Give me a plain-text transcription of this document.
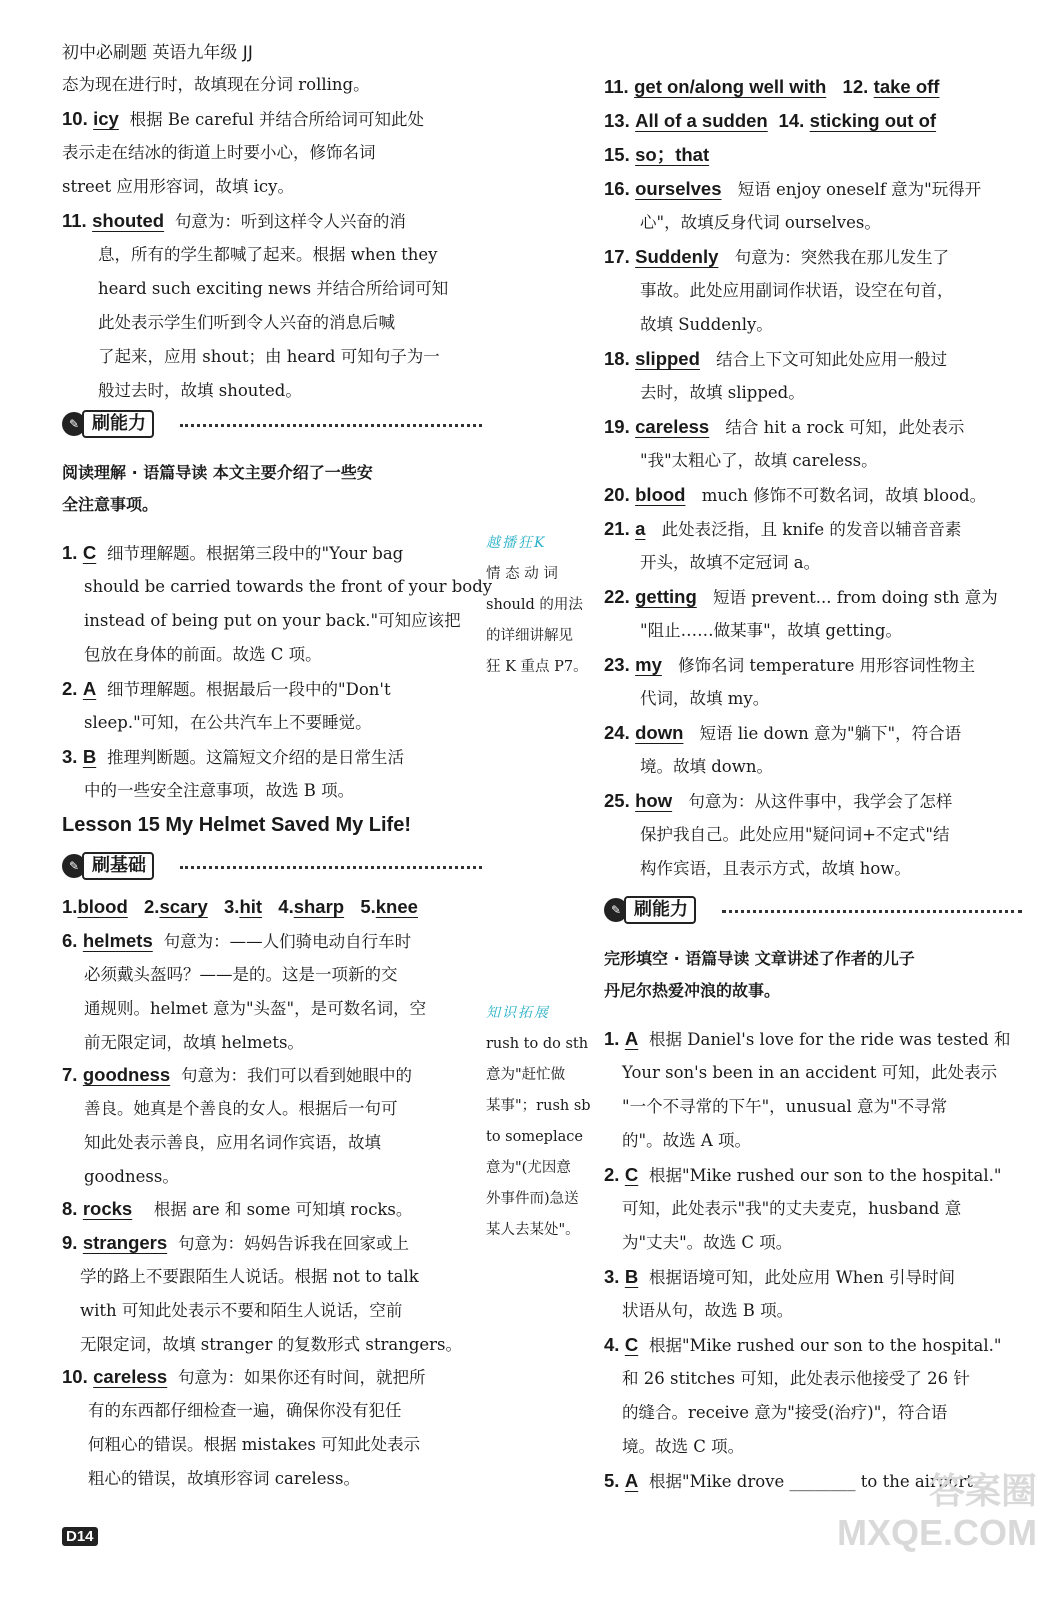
初中必刷题 英语九年级 JJ
态为现在进行时，故填现在分词 rolling。
10. icy 根据 Be careful 并结合所给词可知此处
表示走在结冰的街道上时要小心，修饰名词
street 应用形容词，故填 icy。
11. shouted 句意为：听到这样令人兴奋的消
息，所有的学生都喊了起来。根据 when they
heard such exciting news 并结合所给词可知
此处表示学生们听到令人兴奋的消息后喊
了起来，应用 shout；由 heard 可知句子为一
般过去时，故填 shouted。
✎ 刷能力
阅读理解 · 语篇导读 本文主要介绍了一些安
全注意事项。
1. C 细节理解题。根据第三段中的"Your bag
should be carried towards the front of your body
instead of being put on your back."可知应该把
包放在身体的前面。故选 C 项。
2. A 细节理解题。根据最后一段中的"Don't
sleep."可知，在公共汽车上不要睡觉。
3. B 推理判断题。这篇短文介绍的是日常生活
中的一些安全注意事项，故选 B 项。
Lesson 15 My Helmet Saved My Life!
✎ 刷基础
1.blood 2.scary 3.hit 4.sharp 5.knee
6. helmets 句意为：——人们骑电动自行车时
必须戴头盔吗？——是的。这是一项新的交
通规则。helmet 意为"头盔"，是可数名词，空
前无限定词，故填 helmets。
7. goodness 句意为：我们可以看到她眼中的
善良。她真是个善良的女人。根据后一句可
知此处表示善良，应用名词作宾语，故填
goodness。
8. rocks 根据 are 和 some 可知填 rocks。
9. strangers 句意为：妈妈告诉我在回家或上
学的路上不要跟陌生人说话。根据 not to talk
with 可知此处表示不要和陌生人说话，空前
无限定词，故填 stranger 的复数形式 strangers。
10. careless 句意为：如果你还有时间，就把所
有的东西都仔细检查一遍，确保你没有犯任
何粗心的错误。根据 mistakes 可知此处表示
粗心的错误，故填形容词 careless。
越播狂K
情 态 动 词
should 的用法
的详细讲解见
狂 K 重点 P7。
知识拓展
rush to do sth
意为"赶忙做
某事"；rush sb
to someplace
意为"(尤因意
外事件而)急送
某人去某处"。
11. get on/along well with 12. take off
13. All of a sudden 14. sticking out of
15. so；that
16. ourselves 短语 enjoy oneself 意为"玩得开
心"，故填反身代词 ourselves。
17. Suddenly 句意为：突然我在那儿发生了
事故。此处应用副词作状语，设空在句首，
故填 Suddenly。
18. slipped 结合上下文可知此处应用一般过
去时，故填 slipped。
19. careless 结合 hit a rock 可知，此处表示
"我"太粗心了，故填 careless。
20. blood much 修饰不可数名词，故填 blood。
21. a 此处表泛指，且 knife 的发音以辅音音素
开头，故填不定冠词 a。
22. getting 短语 prevent... from doing sth 意为
"阻止……做某事"，故填 getting。
23. my 修饰名词 temperature 用形容词性物主
代词，故填 my。
24. down 短语 lie down 意为"躺下"，符合语
境。故填 down。
25. how 句意为：从这件事中，我学会了怎样
保护我自己。此处应用"疑问词+不定式"结
构作宾语，且表示方式，故填 how。
✎ 刷能力
完形填空 · 语篇导读 文章讲述了作者的儿子
丹尼尔热爱冲浪的故事。
1. A 根据 Daniel's love for the ride was tested 和
Your son's been in an accident 可知，此处表示
"一个不寻常的下午"，unusual 意为"不寻常
的"。故选 A 项。
2. C 根据"Mike rushed our son to the hospital."
可知，此处表示"我"的丈夫麦克，husband 意
为"丈夫"。故选 C 项。
3. B 根据语境可知，此处应用 When 引导时间
状语从句，故选 B 项。
4. C 根据"Mike rushed our son to the hospital."
和 26 stitches 可知，此处表示他接受了 26 针
的缝合。receive 意为"接受(治疗)"，符合语
境。故选 C 项。
5. A 根据"Mike drove ________ to the airport
D14
答案圈
MXQE.COM
